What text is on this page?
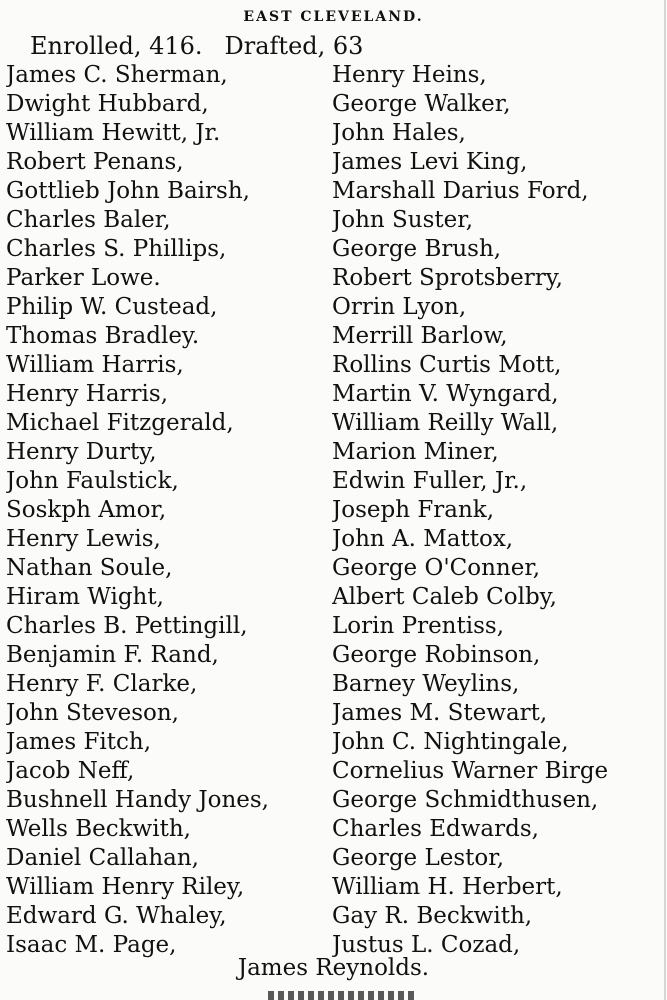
EAST CLEVELAND.
Enrolled, 416. Drafted, 63
James C. Sherman,
Dwight Hubbard,
William Hewitt, Jr.
Robert Penans,
Gottlieb John Bairsh,
Charles Baler,
Charles S. Phillips,
Parker Lowe.
Philip W. Custead,
Thomas Bradley.
William Harris,
Henry Harris,
Michael Fitzgerald,
Henry Durty,
John Faulstick,
Soskph Amor,
Henry Lewis,
Nathan Soule,
Hiram Wight,
Charles B. Pettingill,
Benjamin F. Rand,
Henry F. Clarke,
John Steveson,
James Fitch,
Jacob Neff,
Bushnell Handy Jones,
Wells Beckwith,
Daniel Callahan,
William Henry Riley,
Edward G. Whaley,
Isaac M. Page,
Henry Heins,
George Walker,
John Hales,
James Levi King,
Marshall Darius Ford,
John Suster,
George Brush,
Robert Sprotsberry,
Orrin Lyon,
Merrill Barlow,
Rollins Curtis Mott,
Martin V. Wyngard,
William Reilly Wall,
Marion Miner,
Edwin Fuller, Jr.,
Joseph Frank,
John A. Mattox,
George O'Conner,
Albert Caleb Colby,
Lorin Prentiss,
George Robinson,
Barney Weylins,
James M. Stewart,
John C. Nightingale,
Cornelius Warner Birge
George Schmidthusen,
Charles Edwards,
George Lestor,
William H. Herbert,
Gay R. Beckwith,
Justus L. Cozad,
James Reynolds.
